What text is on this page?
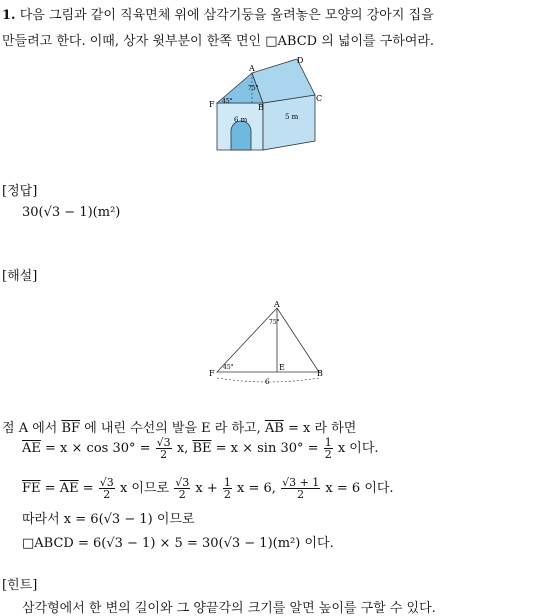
1. 다음 그림과 같이 직육면체 위에 삼각기둥을 올려놓은 모양의 강아지 집을
만들려고 한다. 이때, 상자 윗부분이 한쪽 면인 □ABCD 의 넓이를 구하여라.
A
D
C
B
F 45°
75°
6 m	5 m
[정답]
30(√3 − 1)(m²)
[해설]
A
E
F	B
45°
75°
6
점 A 에서 $\overline{BF}$ 에 내린 수선의 발을 E 라 하고, $\overline{AB} = x$ 라 하면
$\overline{AE} = x \times \cos 30^\circ = \frac{√3}{2} x$, $\overline{BE} = x \times \sin 30^\circ = \frac{1}{2}$ x 이다.
$\overline{FE} = \overline{AE} = \frac{√3}{2}$ x 이므로 $\frac{√3}{2}$ $x + \frac{1}{2}$ x = 6, $\frac{√3 + 1}{2}$ x = 6 이다.
따라서 x = 6(√3 − 1) 이므로
□ABCD = 6(√3 − 1) × 5 = 30(√3 − 1)(m²) 이다.
[힌트]
삼각형에서 한 변의 길이와 그 양끝각의 크기를 알면 높이를 구할 수 있다.
